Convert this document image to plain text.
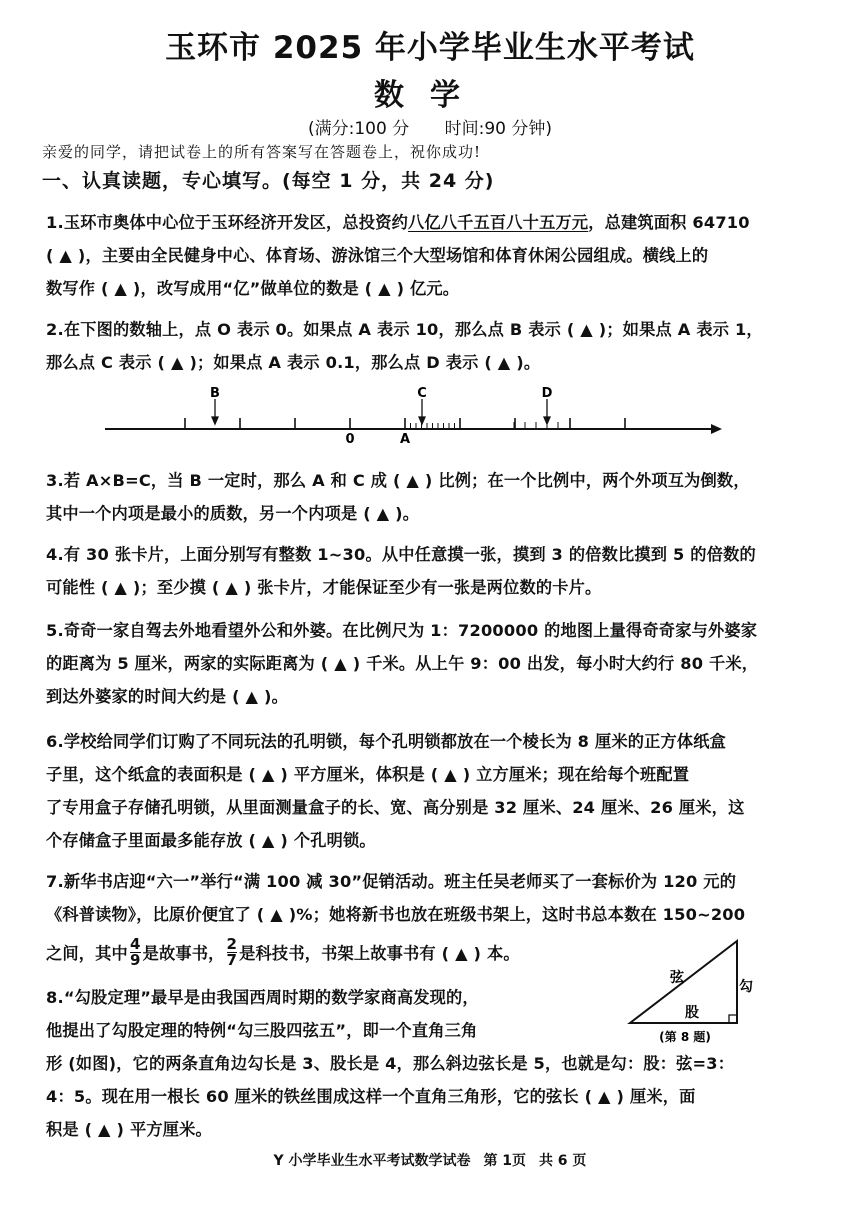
玉环市 2025 年小学毕业生水平考试
数学
(满分:100 分 时间:90 分钟)
亲爱的同学，请把试卷上的所有答案写在答题卷上，祝你成功!
一、认真读题，专心填写。(每空 1 分，共 24 分)
1.玉环市奥体中心位于玉环经济开发区，总投资约八亿八千五百八十五万元，总建筑面积 64710
( ▲ )，主要由全民健身中心、体育场、游泳馆三个大型场馆和体育休闲公园组成。横线上的
数写作 ( ▲ )，改写成用“亿”做单位的数是 ( ▲ ) 亿元。
2.在下图的数轴上，点 O 表示 0。如果点 A 表示 10，那么点 B 表示 ( ▲ )；如果点 A 表示 1，
那么点 C 表示 ( ▲ )；如果点 A 表示 0.1，那么点 D 表示 ( ▲ )。
B	C	D
0	A
3.若 A×B=C，当 B 一定时，那么 A 和 C 成 ( ▲ ) 比例；在一个比例中，两个外项互为倒数，
其中一个内项是最小的质数，另一个内项是 ( ▲ )。
4.有 30 张卡片，上面分别写有整数 1~30。从中任意摸一张，摸到 3 的倍数比摸到 5 的倍数的
可能性 ( ▲ )；至少摸 ( ▲ ) 张卡片，才能保证至少有一张是两位数的卡片。
5.奇奇一家自驾去外地看望外公和外婆。在比例尺为 1：7200000 的地图上量得奇奇家与外婆家
的距离为 5 厘米，两家的实际距离为 ( ▲ ) 千米。从上午 9：00 出发，每小时大约行 80 千米，
到达外婆家的时间大约是 ( ▲ )。
6.学校给同学们订购了不同玩法的孔明锁，每个孔明锁都放在一个棱长为 8 厘米的正方体纸盒
子里，这个纸盒的表面积是 ( ▲ ) 平方厘米，体积是 ( ▲ ) 立方厘米；现在给每个班配置
了专用盒子存储孔明锁，从里面测量盒子的长、宽、高分别是 32 厘米、24 厘米、26 厘米，这
个存储盒子里面最多能存放 ( ▲ ) 个孔明锁。
7.新华书店迎“六一”举行“满 100 减 30”促销活动。班主任吴老师买了一套标价为 120 元的
《科普读物》，比原价便宜了 ( ▲ )%；她将新书也放在班级书架上，这时书总本数在 150~200
之间，其中 $\frac{4}{9}$ 是故事书， $\frac{2}{7}$ 是科技书，书架上故事书有 ( ▲ ) 本。
8.“勾股定理”最早是由我国西周时期的数学家商高发现的，
他提出了勾股定理的特例“勾三股四弦五”，即一个直角三角
形 (如图)，它的两条直角边勾长是 3、股长是 4，那么斜边弦长是 5，也就是勾：股：弦=3：
4：5。现在用一根长 60 厘米的铁丝围成这样一个直角三角形，它的弦长 ( ▲ ) 厘米，面
积是 ( ▲ ) 平方厘米。
弦
勾
股
(第 8 题)
Y 小学毕业生水平考试数学试卷 第 1页 共 6 页
